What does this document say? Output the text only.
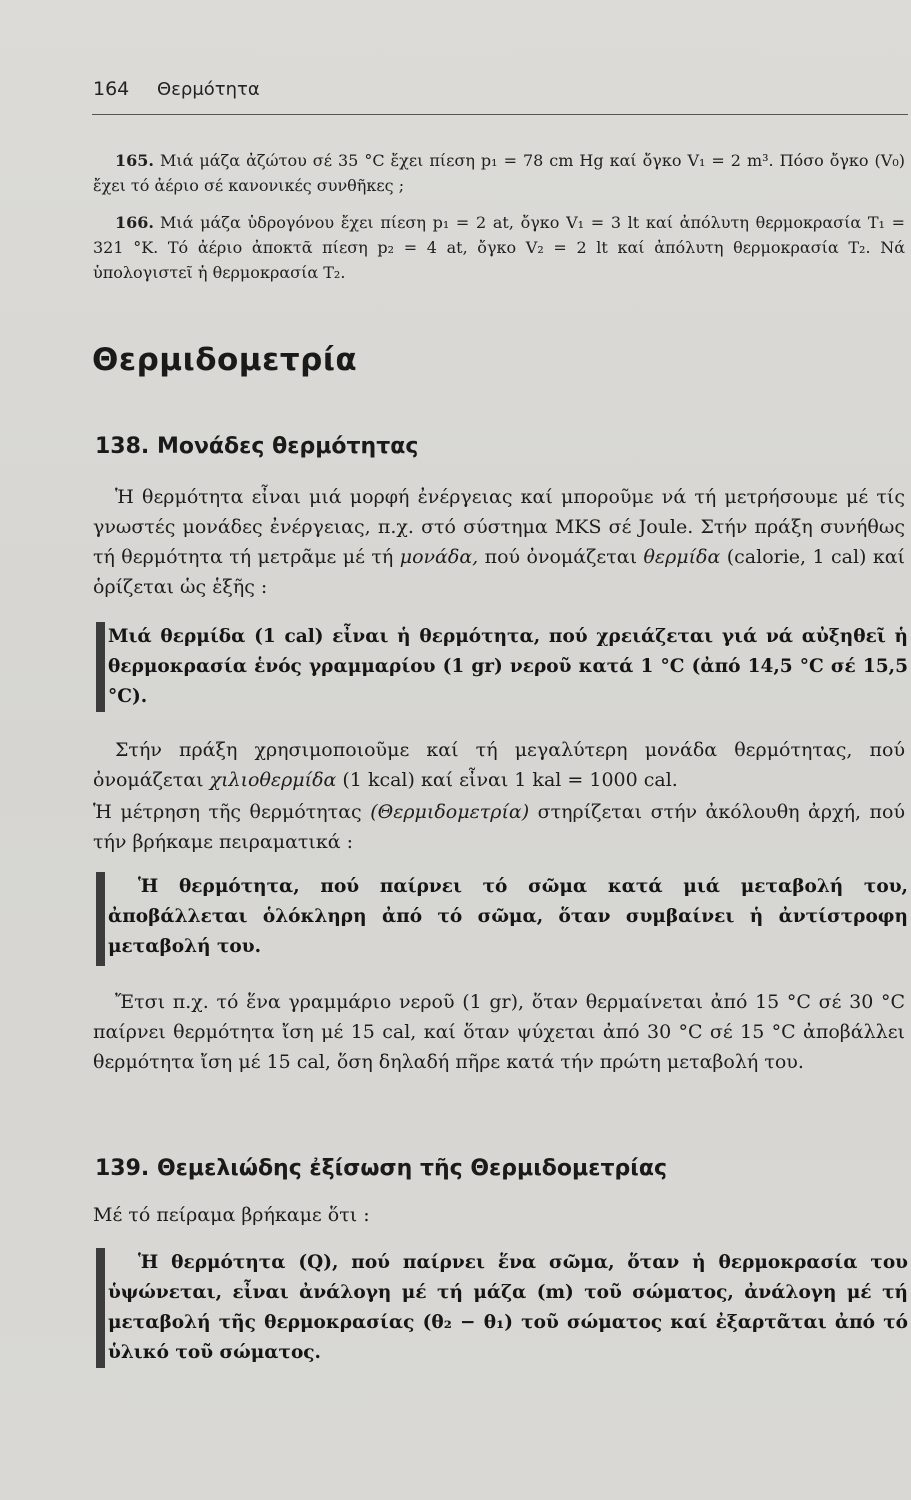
164 Θερμότητα
165. Μιά μάζα ἀζώτου σέ 35 °C ἔχει πίεση p₁ = 78 cm Hg καί ὄγκο V₁ = 2 m³. Πόσο ὄγκο (V₀) ἔχει τό ἀέριο σέ κανονικές συνθῆκες ;
166. Μιά μάζα ὑδρογόνου ἔχει πίεση p₁ = 2 at, ὄγκο V₁ = 3 lt καί ἀπόλυτη θερμοκρασία T₁ = 321 °K. Τό ἀέριο ἀποκτᾶ πίεση p₂ = 4 at, ὄγκο V₂ = 2 lt καί ἀπόλυτη θερμοκρασία T₂. Νά ὑπολογιστεῖ ἡ θερμοκρασία T₂.
Θερμιδομετρία
138. Μονάδες θερμότητας
Ἡ θερμότητα εἶναι μιά μορφή ἐνέργειας καί μποροῦμε νά τή μετρήσουμε μέ τίς γνωστές μονάδες ἐνέργειας, π.χ. στό σύστημα MKS σέ Joule. Στήν πράξη συνήθως τή θερμότητα τή μετρᾶμε μέ τή μονάδα, πού ὀνομάζεται θερμίδα (calorie, 1 cal) καί ὁρίζεται ὡς ἑξῆς :
Μιά θερμίδα (1 cal) εἶναι ἡ θερμότητα, πού χρειάζεται γιά νά αὐξηθεῖ ἡ θερμοκρασία ἑνός γραμμαρίου (1 gr) νεροῦ κατά 1 °C (ἀπό 14,5 °C σέ 15,5 °C).
Στήν πράξη χρησιμοποιοῦμε καί τή μεγαλύτερη μονάδα θερμότητας, πού ὀνομάζεται χιλιοθερμίδα (1 kcal) καί εἶναι 1 kal = 1000 cal.
Ἡ μέτρηση τῆς θερμότητας (Θερμιδομετρία) στηρίζεται στήν ἀκόλουθη ἀρχή, πού τήν βρήκαμε πειραματικά :
Ἡ θερμότητα, πού παίρνει τό σῶμα κατά μιά μεταβολή του, ἀποβάλλεται ὁλόκληρη ἀπό τό σῶμα, ὅταν συμβαίνει ἡ ἀντίστροφη μεταβολή του.
Ἔτσι π.χ. τό ἕνα γραμμάριο νεροῦ (1 gr), ὅταν θερμαίνεται ἀπό 15 °C σέ 30 °C παίρνει θερμότητα ἴση μέ 15 cal, καί ὅταν ψύχεται ἀπό 30 °C σέ 15 °C ἀποβάλλει θερμότητα ἴση μέ 15 cal, ὅση δηλαδή πῆρε κατά τήν πρώτη μεταβολή του.
139. Θεμελιώδης ἐξίσωση τῆς Θερμιδομετρίας
Μέ τό πείραμα βρήκαμε ὅτι :
Ἡ θερμότητα (Q), πού παίρνει ἕνα σῶμα, ὅταν ἡ θερμοκρασία του ὑψώνεται, εἶναι ἀνάλογη μέ τή μάζα (m) τοῦ σώματος, ἀνάλογη μέ τή μεταβολή τῆς θερμοκρασίας (θ₂ − θ₁) τοῦ σώματος καί ἐξαρτᾶται ἀπό τό ὑλικό τοῦ σώματος.
